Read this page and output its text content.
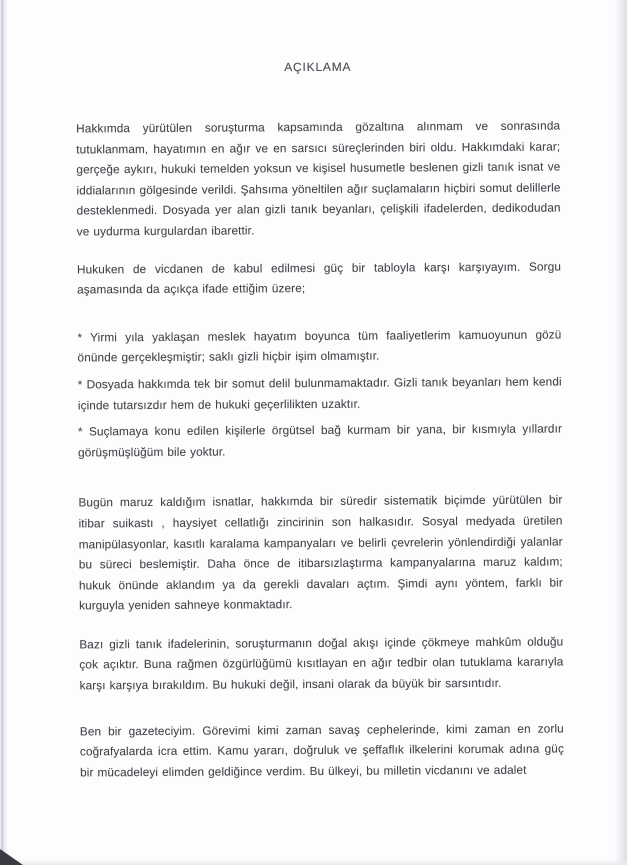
AÇIKLAMA

Hakkımda yürütülen soruşturma kapsamında gözaltına alınmam ve sonrasında tutuklanmam, hayatımın en ağır ve en sarsıcı süreçlerinden biri oldu. Hakkımdaki karar; gerçeğe aykırı, hukuki temelden yoksun ve kişisel husumetle beslenen gizli tanık isnat ve iddialarının gölgesinde verildi. Şahsıma yöneltilen ağır suçlamaların hiçbiri somut delillerle desteklenmedi. Dosyada yer alan gizli tanık beyanları, çelişkili ifadelerden, dedikodudan ve uydurma kurgulardan ibarettir.

Hukuken de vicdanen de kabul edilmesi güç bir tabloyla karşı karşıyayım. Sorgu aşamasında da açıkça ifade ettiğim üzere;

* Yirmi yıla yaklaşan meslek hayatım boyunca tüm faaliyetlerim kamuoyunun gözü önünde gerçekleşmiştir; saklı gizli hiçbir işim olmamıştır.

* Dosyada hakkımda tek bir somut delil bulunmamaktadır. Gizli tanık beyanları hem kendi içinde tutarsızdır hem de hukuki geçerlilikten uzaktır.

* Suçlamaya konu edilen kişilerle örgütsel bağ kurmam bir yana, bir kısmıyla yıllardır görüşmüşlüğüm bile yoktur.

Bugün maruz kaldığım isnatlar, hakkımda bir süredir sistematik biçimde yürütülen bir itibar suikastı , haysiyet cellatlığı zincirinin son halkasıdır. Sosyal medyada üretilen manipülasyonlar, kasıtlı karalama kampanyaları ve belirli çevrelerin yönlendirdiği yalanlar bu süreci beslemiştir. Daha önce de itibarsızlaştırma kampanyalarına maruz kaldım; hukuk önünde aklandım ya da gerekli davaları açtım. Şimdi aynı yöntem, farklı bir kurguyla yeniden sahneye konmaktadır.

Bazı gizli tanık ifadelerinin, soruşturmanın doğal akışı içinde çökmeye mahkûm olduğu çok açıktır. Buna rağmen özgürlüğümü kısıtlayan en ağır tedbir olan tutuklama kararıyla karşı karşıya bırakıldım. Bu hukuki değil, insani olarak da büyük bir sarsıntıdır.

Ben bir gazeteciyim. Görevimi kimi zaman savaş cephelerinde, kimi zaman en zorlu coğrafyalarda icra ettim. Kamu yararı, doğruluk ve şeffaflık ilkelerini korumak adına güç bir mücadeleyi elimden geldiğince verdim. Bu ülkeyi, bu milletin vicdanını ve adalet
